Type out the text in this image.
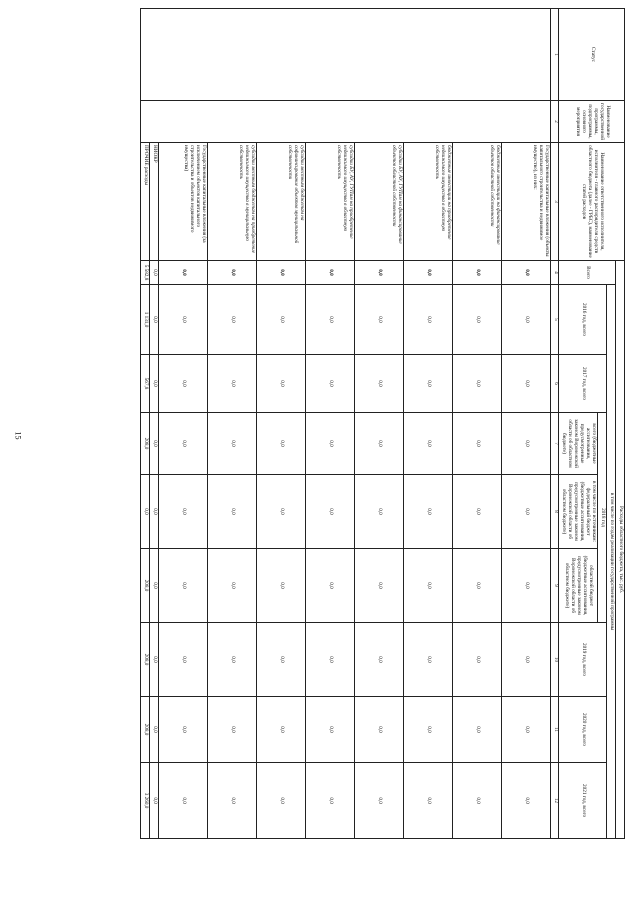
15
Статус	Наименование государственной программы, подпрограммы, основного мероприятия	Наименование ответственного исполнителя, исполнителя - главного распорядителя средств областного бюджета (далее - ГРБС), наименование статей расходов	Расходы областного бюджета, тыс. руб.								
			Всего	в том числе по годам реализации государственной программы							
				2016 год, всего	2017 год, всего	2018 год			2019 год, всего	2020 год, всего	2021 год, всего
						всего (бюджетные ассигнования, предусмотренные законом Воронежской области об областном бюджете)	в том числе по источникам:
федеральный бюджет (бюджетные ассигнования, предусмотренные законом Воронежской области об областном бюджете)	областной бюджет (бюджетные ассигнования, предусмотренные законом Воронежской области об областном бюджете)			
1	2	3	4	5	6	7	8	9	10	11	12
		Государственные капитальные вложения (объекты капитального строительства и недвижимое имущество), из них:	0,0	0,0	0,0	0,0	0,0	0,0	0,0	0,0	0,0
		бюджетные инвестиции на финансирование объектов областной собственности	0,0	0,0	0,0	0,0	0,0	0,0	0,0	0,0	0,0
		бюджетные инвестиции на приобретение недвижимого имущества в областную собственность	0,0	0,0	0,0	0,0	0,0	0,0	0,0	0,0	0,0
		субсидии БУ, АУ, ГУПам на финансирование объектов областной собственности	0,0	0,0	0,0	0,0	0,0	0,0	0,0	0,0	0,0
		субсидии БУ, АУ, ГУПам на приобретение недвижимого имущества в областную собственность	0,0	0,0	0,0	0,0	0,0	0,0	0,0	0,0	0,0
		субсидии местным бюджетам на софинансирование объектов муниципальной собственности	0,0	0,0	0,0	0,0	0,0	0,0	0,0	0,0	0,0
		субсидии местным бюджетам на приобретение недвижимого имущества в муниципальную собственность	0,0	0,0	0,0	0,0	0,0	0,0	0,0	0,0	0,0
		Государственные капитальные вложения (за исключением объектов капитального строительства и объектов недвижимого имущества)	0,0	0,0	0,0	0,0	0,0	0,0	0,0	0,0	0,0
		НИОКР	0,0	0,0	0,0	0,0	0,0	0,0	0,0	0,0	0,0
		ПРОЧИЕ расходы	5 582,8	1 131,0	567,8	208,0	0,0	208,0	208,0	208,0	3 260,0
